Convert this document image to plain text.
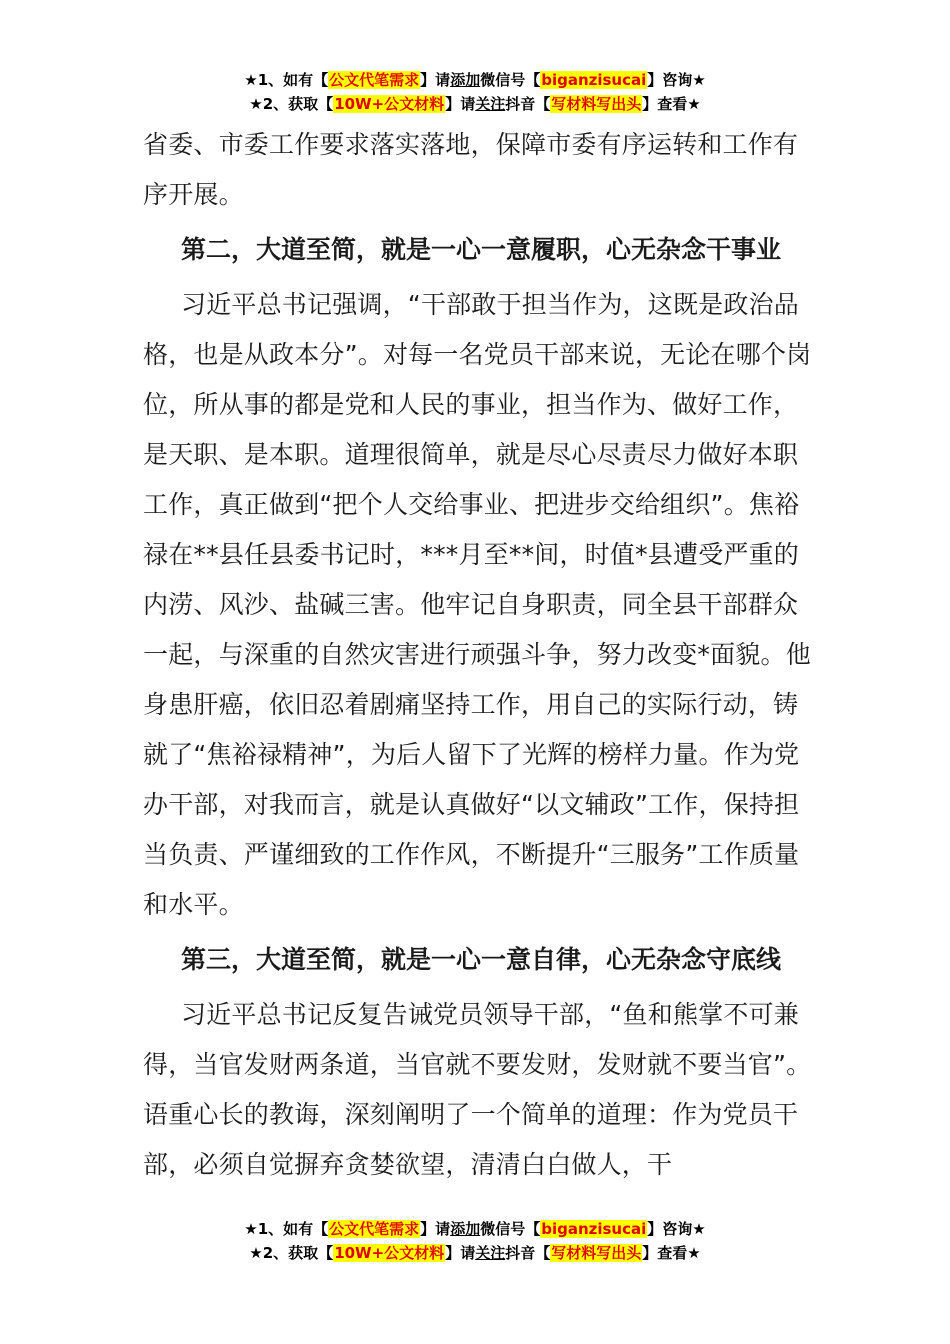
★1、如有【公文代笔需求】请添加微信号【biganzisucai】咨询★
★2、获取【10W+公文材料】请关注抖音【写材料写出头】查看★

省委、市委工作要求落实落地，保障市委有序运转和工作有序开展。

第二，大道至简，就是一心一意履职，心无杂念干事业

习近平总书记强调，“干部敢于担当作为，这既是政治品格，也是从政本分”。对每一名党员干部来说，无论在哪个岗位，所从事的都是党和人民的事业，担当作为、做好工作，是天职、是本职。道理很简单，就是尽心尽责尽力做好本职工作，真正做到“把个人交给事业、把进步交给组织”。焦裕禄在**县任县委书记时，***月至**间，时值*县遭受严重的内涝、风沙、盐碱三害。他牢记自身职责，同全县干部群众一起，与深重的自然灾害进行顽强斗争，努力改变*面貌。他身患肝癌，依旧忍着剧痛坚持工作，用自己的实际行动，铸就了“焦裕禄精神”，为后人留下了光辉的榜样力量。作为党办干部，对我而言，就是认真做好“以文辅政”工作，保持担当负责、严谨细致的工作作风，不断提升“三服务”工作质量和水平。

第三，大道至简，就是一心一意自律，心无杂念守底线

习近平总书记反复告诫党员领导干部，“鱼和熊掌不可兼得，当官发财两条道，当官就不要发财，发财就不要当官”。语重心长的教诲，深刻阐明了一个简单的道理：作为党员干部，必须自觉摒弃贪婪欲望，清清白白做人，干

★1、如有【公文代笔需求】请添加微信号【biganzisucai】咨询★
★2、获取【10W+公文材料】请关注抖音【写材料写出头】查看★
